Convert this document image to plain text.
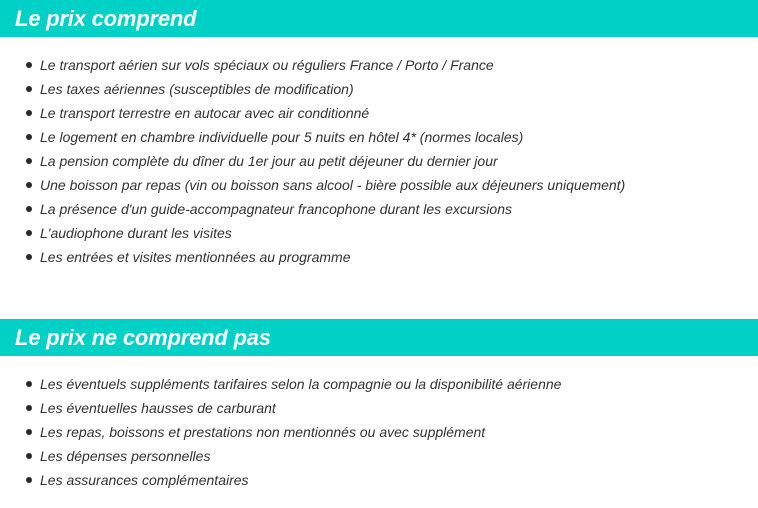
Le prix comprend
Le transport aérien sur vols spéciaux ou réguliers France / Porto / France
Les taxes aériennes (susceptibles de modification)
Le transport terrestre en autocar avec air conditionné
Le logement en chambre individuelle pour 5 nuits en hôtel 4* (normes locales)
La pension complète du dîner du 1er jour au petit déjeuner du dernier jour
Une boisson par repas (vin ou boisson sans alcool - bière possible aux déjeuners uniquement)
La présence d'un guide-accompagnateur francophone durant les excursions
L'audiophone durant les visites
Les entrées et visites mentionnées au programme
Le prix ne comprend pas
Les éventuels suppléments tarifaires selon la compagnie ou la disponibilité aérienne
Les éventuelles hausses de carburant
Les repas, boissons et prestations non mentionnés ou avec supplément
Les dépenses personnelles
Les assurances complémentaires
